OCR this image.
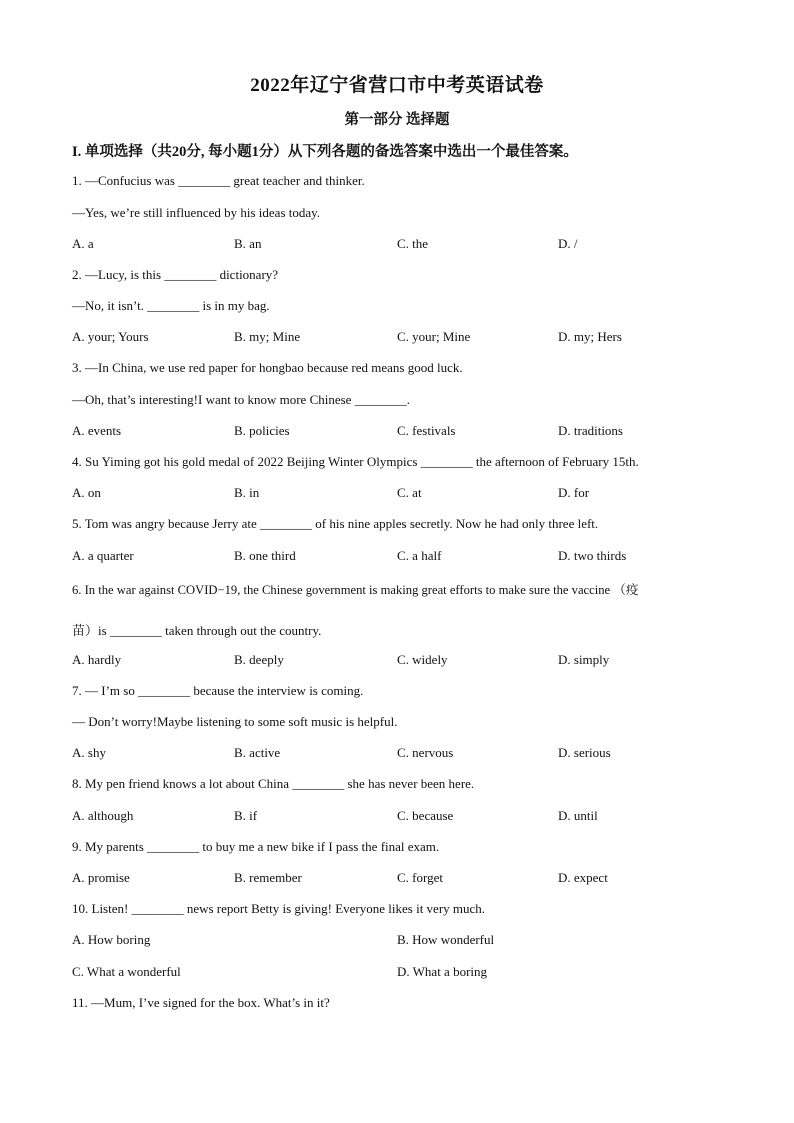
2022年辽宁省营口市中考英语试卷
第一部分 选择题
I. 单项选择（共20分, 每小题1分）从下列各题的备选答案中选出一个最佳答案。
1. —Confucius was ________ great teacher and thinker.
—Yes, we’re still influenced by his ideas today.
A. a	B. an	C. the	D. /
2. —Lucy, is this ________ dictionary?
—No, it isn’t. ________ is in my bag.
A. your; Yours	B. my; Mine	C. your; Mine	D. my; Hers
3. —In China, we use red paper for hongbao because red means good luck.
—Oh, that’s interesting!I want to know more Chinese ________.
A. events	B. policies	C. festivals	D. traditions
4. Su Yiming got his gold medal of 2022 Beijing Winter Olympics ________ the afternoon of February 15th.
A. on	B. in	C. at	D. for
5. Tom was angry because Jerry ate ________ of his nine apples secretly. Now he had only three left.
A. a quarter	B. one third	C. a half	D. two thirds
6. In the war against COVID−19, the Chinese government is making great efforts to make sure the vaccine （疫
苗）is ________ taken through out the country.
A. hardly	B. deeply	C. widely	D. simply
7. — I’m so ________ because the interview is coming.
— Don’t worry!Maybe listening to some soft music is helpful.
A. shy	B. active	C. nervous	D. serious
8. My pen friend knows a lot about China ________ she has never been here.
A. although	B. if	C. because	D. until
9. My parents ________ to buy me a new bike if I pass the final exam.
A. promise	B. remember	C. forget	D. expect
10. Listen! ________ news report Betty is giving! Everyone likes it very much.
A. How boring	B. How wonderful
C. What a wonderful	D. What a boring
11. —Mum, I’ve signed for the box. What’s in it?
